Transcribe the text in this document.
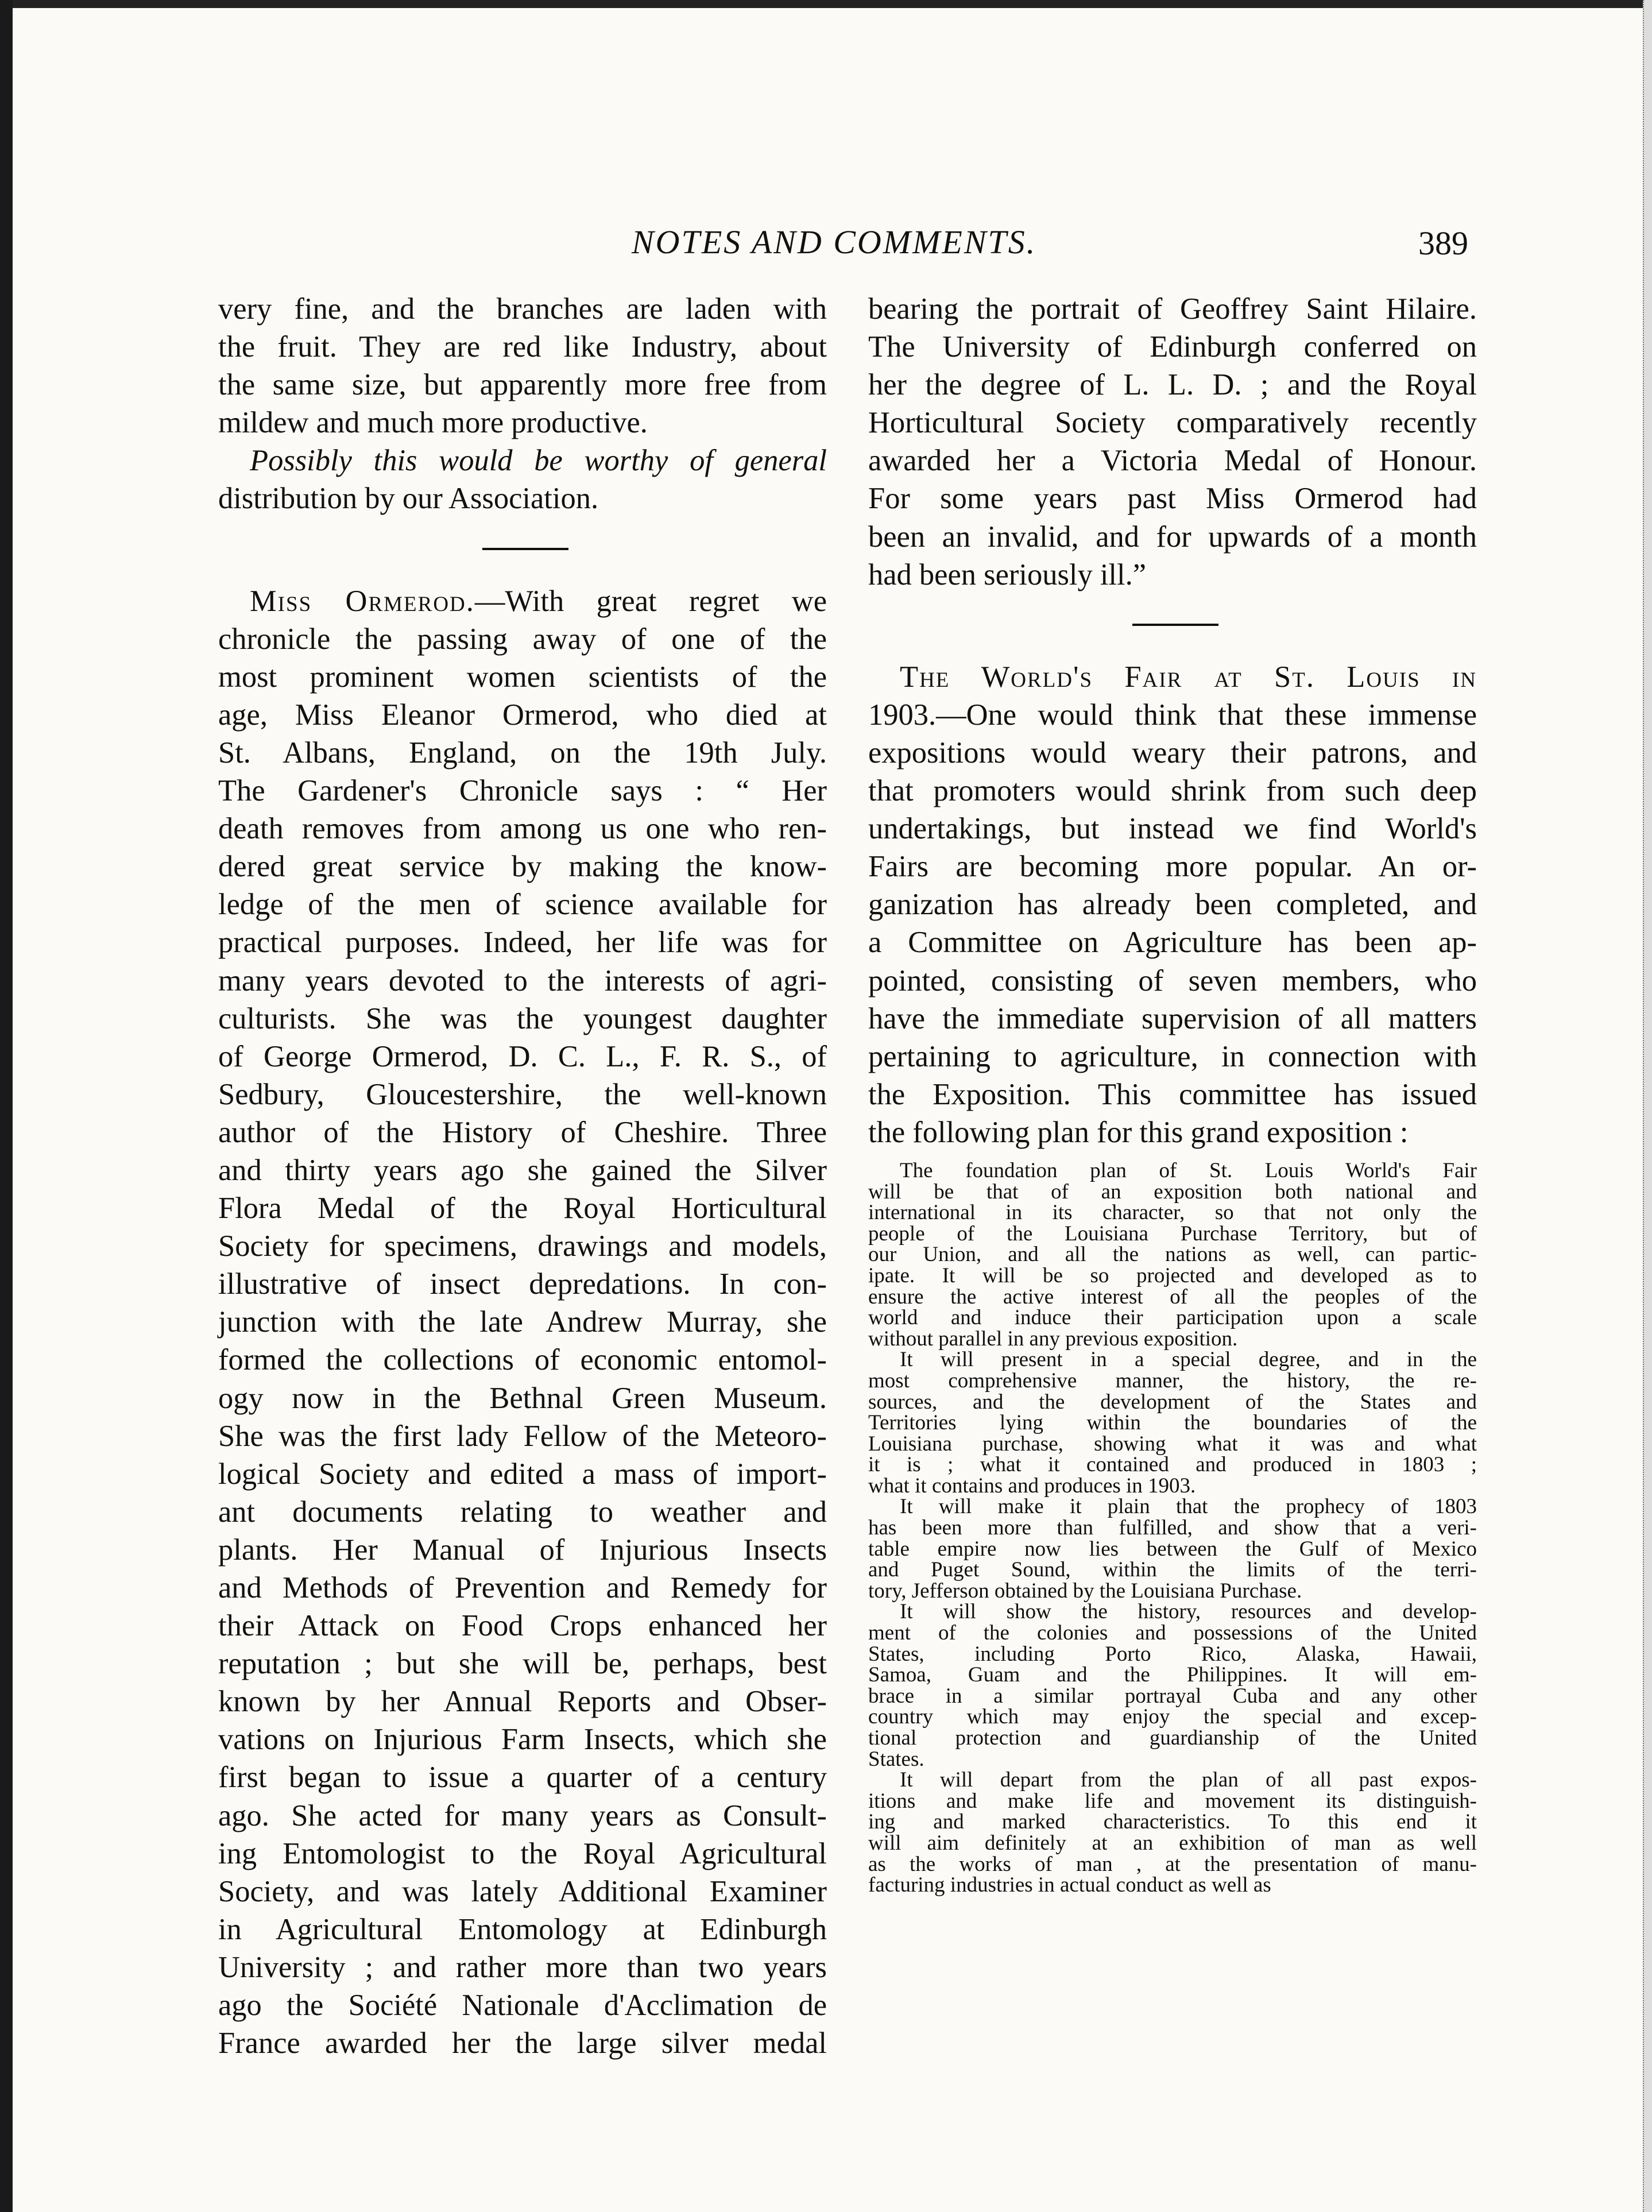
NOTES AND COMMENTS.	389
very fine, and the branches are laden with
the fruit. They are red like Industry, about
the same size, but apparently more free from
mildew and much more productive.
Possibly this would be worthy of general
distribution by our Association.
Miss Ormerod.—With great regret we
chronicle the passing away of one of the
most prominent women scientists of the
age, Miss Eleanor Ormerod, who died at
St. Albans, England, on the 19th July.
The Gardener's Chronicle says : “ Her
death removes from among us one who ren-
dered great service by making the know-
ledge of the men of science available for
practical purposes. Indeed, her life was for
many years devoted to the interests of agri-
culturists. She was the youngest daughter
of George Ormerod, D. C. L., F. R. S., of
Sedbury, Gloucestershire, the well-known
author of the History of Cheshire. Three
and thirty years ago she gained the Silver
Flora Medal of the Royal Horticultural
Society for specimens, drawings and models,
illustrative of insect depredations. In con-
junction with the late Andrew Murray, she
formed the collections of economic entomol-
ogy now in the Bethnal Green Museum.
She was the first lady Fellow of the Meteoro-
logical Society and edited a mass of import-
ant documents relating to weather and
plants. Her Manual of Injurious Insects
and Methods of Prevention and Remedy for
their Attack on Food Crops enhanced her
reputation ; but she will be, perhaps, best
known by her Annual Reports and Obser-
vations on Injurious Farm Insects, which she
first began to issue a quarter of a century
ago. She acted for many years as Consult-
ing Entomologist to the Royal Agricultural
Society, and was lately Additional Examiner
in Agricultural Entomology at Edinburgh
University ; and rather more than two years
ago the Société Nationale d'Acclimation de
France awarded her the large silver medal
bearing the portrait of Geoffrey Saint Hilaire.
The University of Edinburgh conferred on
her the degree of L. L. D. ; and the Royal
Horticultural Society comparatively recently
awarded her a Victoria Medal of Honour.
For some years past Miss Ormerod had
been an invalid, and for upwards of a month
had been seriously ill.”
The World's Fair at St. Louis in
1903.—One would think that these immense
expositions would weary their patrons, and
that promoters would shrink from such deep
undertakings, but instead we find World's
Fairs are becoming more popular. An or-
ganization has already been completed, and
a Committee on Agriculture has been ap-
pointed, consisting of seven members, who
have the immediate supervision of all matters
pertaining to agriculture, in connection with
the Exposition. This committee has issued
the following plan for this grand exposition :
The foundation plan of St. Louis World's Fair
will be that of an exposition both national and
international in its character, so that not only the
people of the Louisiana Purchase Territory, but of
our Union, and all the nations as well, can partic-
ipate. It will be so projected and developed as to
ensure the active interest of all the peoples of the
world and induce their participation upon a scale
without parallel in any previous exposition.
It will present in a special degree, and in the
most comprehensive manner, the history, the re-
sources, and the development of the States and
Territories lying within the boundaries of the
Louisiana purchase, showing what it was and what
it is ; what it contained and produced in 1803 ;
what it contains and produces in 1903.
It will make it plain that the prophecy of 1803
has been more than fulfilled, and show that a veri-
table empire now lies between the Gulf of Mexico
and Puget Sound, within the limits of the terri-
tory, Jefferson obtained by the Louisiana Purchase.
It will show the history, resources and develop-
ment of the colonies and possessions of the United
States, including Porto Rico, Alaska, Hawaii,
Samoa, Guam and the Philippines. It will em-
brace in a similar portrayal Cuba and any other
country which may enjoy the special and excep-
tional protection and guardianship of the United
States.
It will depart from the plan of all past expos-
itions and make life and movement its distinguish-
ing and marked characteristics. To this end it
will aim definitely at an exhibition of man as well
as the works of man , at the presentation of manu-
facturing industries in actual conduct as well as
